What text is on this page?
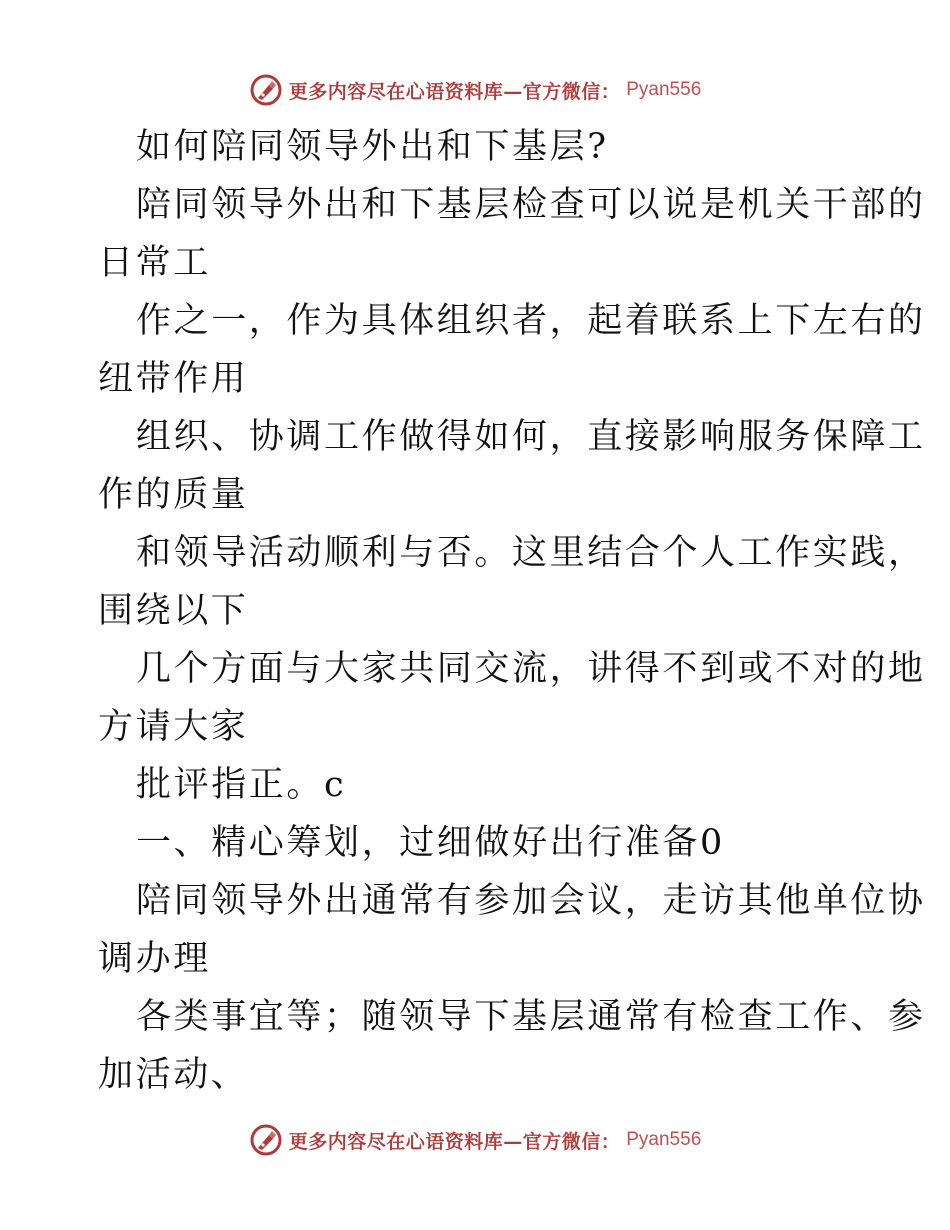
更多内容尽在心语资料库—官方微信： Pyan556

如何陪同领导外出和下基层?

陪同领导外出和下基层检查可以说是机关干部的

日常工

作之一，作为具体组织者，起着联系上下左右的

纽带作用

组织、协调工作做得如何，直接影响服务保障工

作的质量

和领导活动顺利与否。这里结合个人工作实践，

围绕以下

几个方面与大家共同交流，讲得不到或不对的地

方请大家

批评指正。c

一、精心筹划，过细做好出行准备0

陪同领导外出通常有参加会议，走访其他单位协

调办理

各类事宜等；随领导下基层通常有检查工作、参

加活动、

更多内容尽在心语资料库—官方微信： Pyan556
